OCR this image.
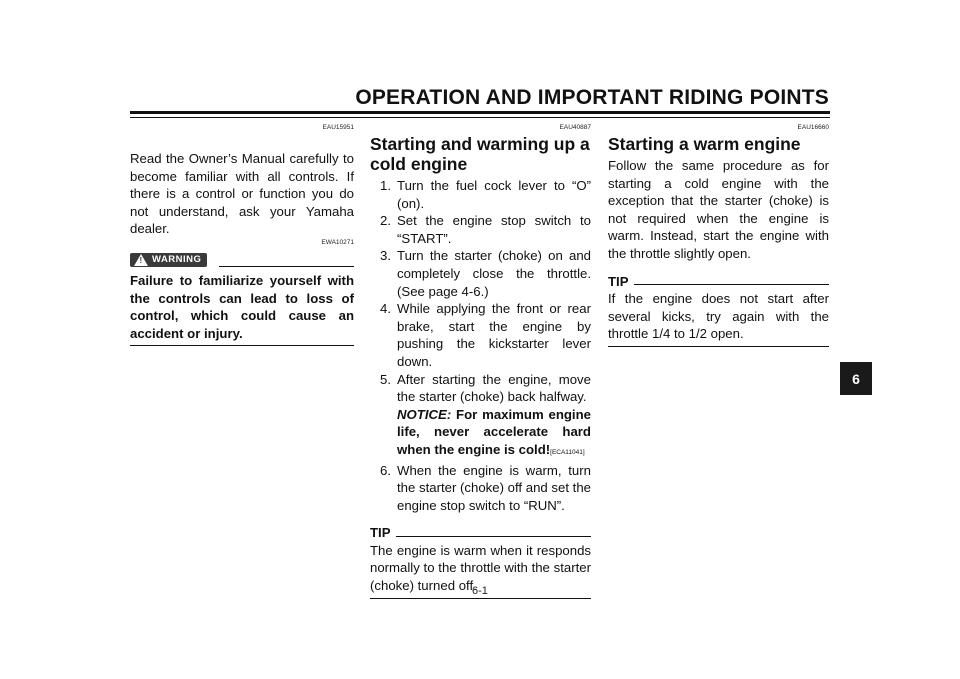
OPERATION AND IMPORTANT RIDING POINTS

EAU15951

Read the Owner’s Manual carefully to become familiar with all controls. If there is a control or function you do not understand, ask your Yamaha dealer.

EWA10271

! WARNING

Failure to familiarize yourself with the controls can lead to loss of control, which could cause an accident or injury.

EAU40887

Starting and warming up a cold engine
1. Turn the fuel cock lever to “O” (on).
2. Set the engine stop switch to “START”.
3. Turn the starter (choke) on and completely close the throttle. (See page 4-6.)
4. While applying the front or rear brake, start the engine by pushing the kickstarter lever down.
5. After starting the engine, move the starter (choke) back halfway.
NOTICE: For maximum engine life, never accelerate hard when the engine is cold![ECA11041]
6. When the engine is warm, turn the starter (choke) off and set the engine stop switch to “RUN”.
TIP

The engine is warm when it responds normally to the throttle with the starter (choke) turned off.

EAU16660

Starting a warm engine

Follow the same procedure as for starting a cold engine with the exception that the starter (choke) is not required when the engine is warm. Instead, start the engine with the throttle slightly open.

TIP

If the engine does not start after several kicks, try again with the throttle 1/4 to 1/2 open.

6
6-1
